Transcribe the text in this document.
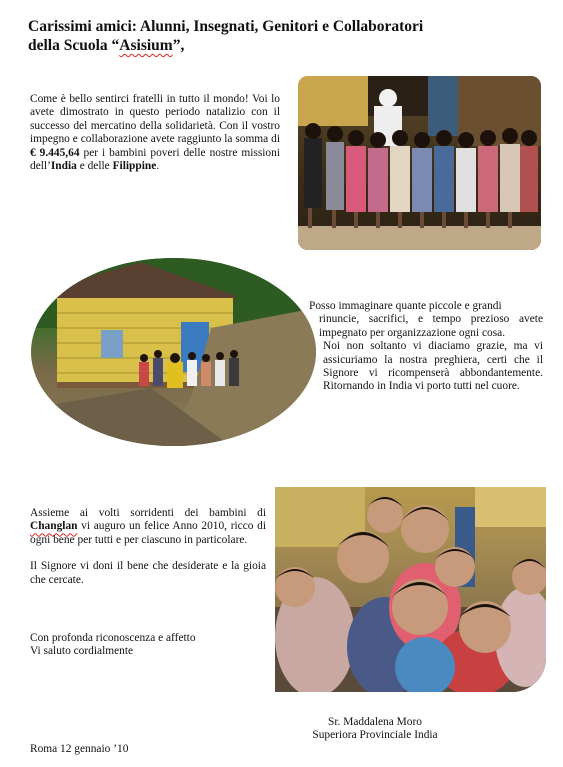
Carissimi amici: Alunni, Insegnati, Genitori e Collaboratori
della Scuola “Asisium”,
Come è bello sentirci fratelli in tutto il mondo! Voi lo avete dimostrato in questo periodo natalizio con il successo del mercatino della solidarietà. Con il vostro impegno e collaborazione avete raggiunto la somma di € 9.445,64 per i bambini poveri delle nostre missioni dell’India e delle Filippine.
Posso immaginare quante piccole e grandi
rinuncie, sacrifici, e tempo prezioso avete impegnato per organizzazione ogni cosa.
Noi non soltanto vi diaciamo grazie, ma vi assicuriamo la nostra preghiera, certi che il Signore vi ricompenserà abbondantemente. Ritornando in India vi porto tutti nel cuore.
Assieme ai volti sorridenti dei bambini di Changlan vi auguro un felice Anno 2010, ricco di ogni bene per tutti e per ciascuno in particolare.
Il Signore vi doni il bene che desiderate e la gioia che cercate.
Con profonda riconoscenza e affetto
Vi saluto cordialmente
Sr. Maddalena Moro
Superiora Provinciale India
Roma 12 gennaio ’10
